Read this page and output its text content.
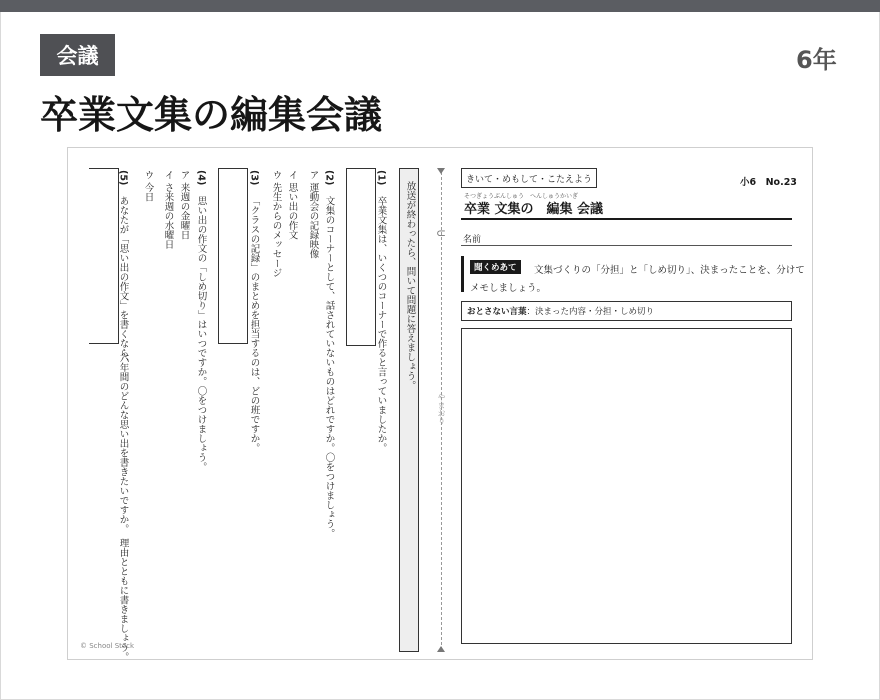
会議	6年
卒業文集の編集会議
放送が終わったら、問いて問題に答えましょう。
(1)
卒業文集は、いくつのコーナーで作ると言っていましたか。
(2)
文集のコーナーとして、話されていないものはどれですか。〇をつけましょう。
ア 運動会の記録映像
イ 思い出の作文
ウ 先生からのメッセージ
(3)
「クラスの記録」のまとめを担当するのは、どの班ですか。
(4)
思い出の作文の「しめ切り」はいつですか。〇をつけましょう。
ア 来週の金曜日
イ さ来週の水曜日
ウ 今日
(5)
あなたが「思い出の作文」を書くなら、
六年間のどんな思い出を書きたいですか。　理由とともに書きましょう。
© School Stock
⊂
やまおり
きいて・めもして・こたえよう	小6　No.23
そつぎょうぶんしゅう　へんしゅうかいぎ
卒業 文集の　編集 会議
名前
聞くめあて	文集づくりの「分担」と「しめ切り」、決まったことを、分けて
メモしましょう。
おとさない言葉 ：決まった内容・分担・しめ切り
